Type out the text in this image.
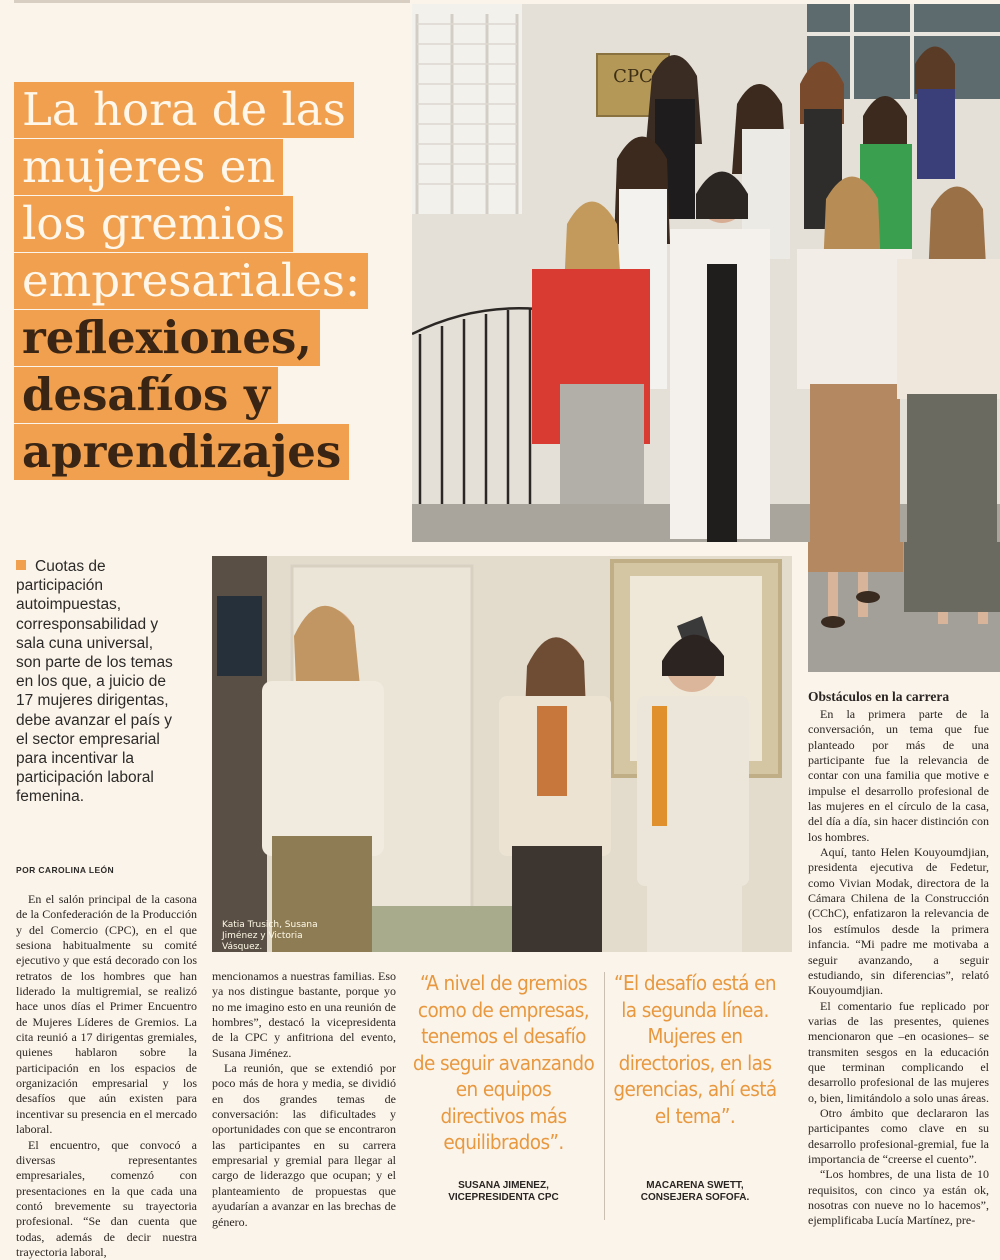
La hora de las
mujeres en
los gremios
empresariales:
reflexiones,
desafíos y
aprendizajes
CPC
Katia Trusich, Susana
Jiménez y Victoria Vásquez.
Cuotas de participación autoimpuestas, corresponsabilidad y sala cuna universal, son parte de los temas en los que, a juicio de 17 mujeres dirigentas, debe avanzar el país y el sector empresarial para incentivar la participación laboral femenina.
POR CAROLINA LEÓN

En el salón principal de la casona de la Confederación de la Producción y del Comercio (CPC), en el que sesiona habitualmente su comité ejecutivo y que está decorado con los retratos de los hombres que han liderado la multigremial, se realizó hace unos días el Primer Encuentro de Mujeres Líderes de Gremios. La cita reunió a 17 dirigentas gremiales, quienes hablaron sobre la participación en los espacios de organización empresarial y los desafíos que aún existen para incentivar su presencia en el mercado laboral.

El encuentro, que convocó a diversas representantes empresariales, comenzó con presentaciones en la que cada una contó brevemente su trayectoria profesional. “Se dan cuenta que todas, además de decir nuestra trayectoria laboral,

mencionamos a nuestras familias. Eso ya nos distingue bastante, porque yo no me imagino esto en una reunión de hombres”, destacó la vicepresidenta de la CPC y anfitriona del evento, Susana Jiménez.

La reunión, que se extendió por poco más de hora y media, se dividió en dos grandes temas de conversación: las dificultades y oportunidades con que se encontraron las participantes en su carrera empresarial y gremial para llegar al cargo de liderazgo que ocupan; y el planteamiento de propuestas que ayudarían a avanzar en las brechas de género.

“A nivel de gremios como de empresas, tenemos el desafío de seguir avanzando en equipos directivos más equilibrados”.
SUSANA JIMENEZ,
VICEPRESIDENTA CPC
“El desafío está en la segunda línea. Mujeres en directorios, en las gerencias, ahí está el tema”.
MACARENA SWETT,
CONSEJERA SOFOFA.
Obstáculos en la carrera

En la primera parte de la conversación, un tema que fue planteado por más de una participante fue la relevancia de contar con una familia que motive e impulse el desarrollo profesional de las mujeres en el círculo de la casa, del día a día, sin hacer distinción con los hombres.

Aquí, tanto Helen Kouyoumdjian, presidenta ejecutiva de Fedetur, como Vivian Modak, directora de la Cámara Chilena de la Construcción (CChC), enfatizaron la relevancia de los estímulos desde la primera infancia. “Mi padre me motivaba a seguir avanzando, a seguir estudiando, sin diferencias”, relató Kouyoumdjian.

El comentario fue replicado por varias de las presentes, quienes mencionaron que –en ocasiones– se transmiten sesgos en la educación que terminan complicando el desarrollo profesional de las mujeres o, bien, limitándolo a solo unas áreas.

Otro ámbito que declararon las participantes como clave en su desarrollo profesional-gremial, fue la importancia de “creerse el cuento”.

“Los hombres, de una lista de 10 requisitos, con cinco ya están ok, nosotras con nueve no lo hacemos”, ejemplificaba Lucía Martínez, pre-
